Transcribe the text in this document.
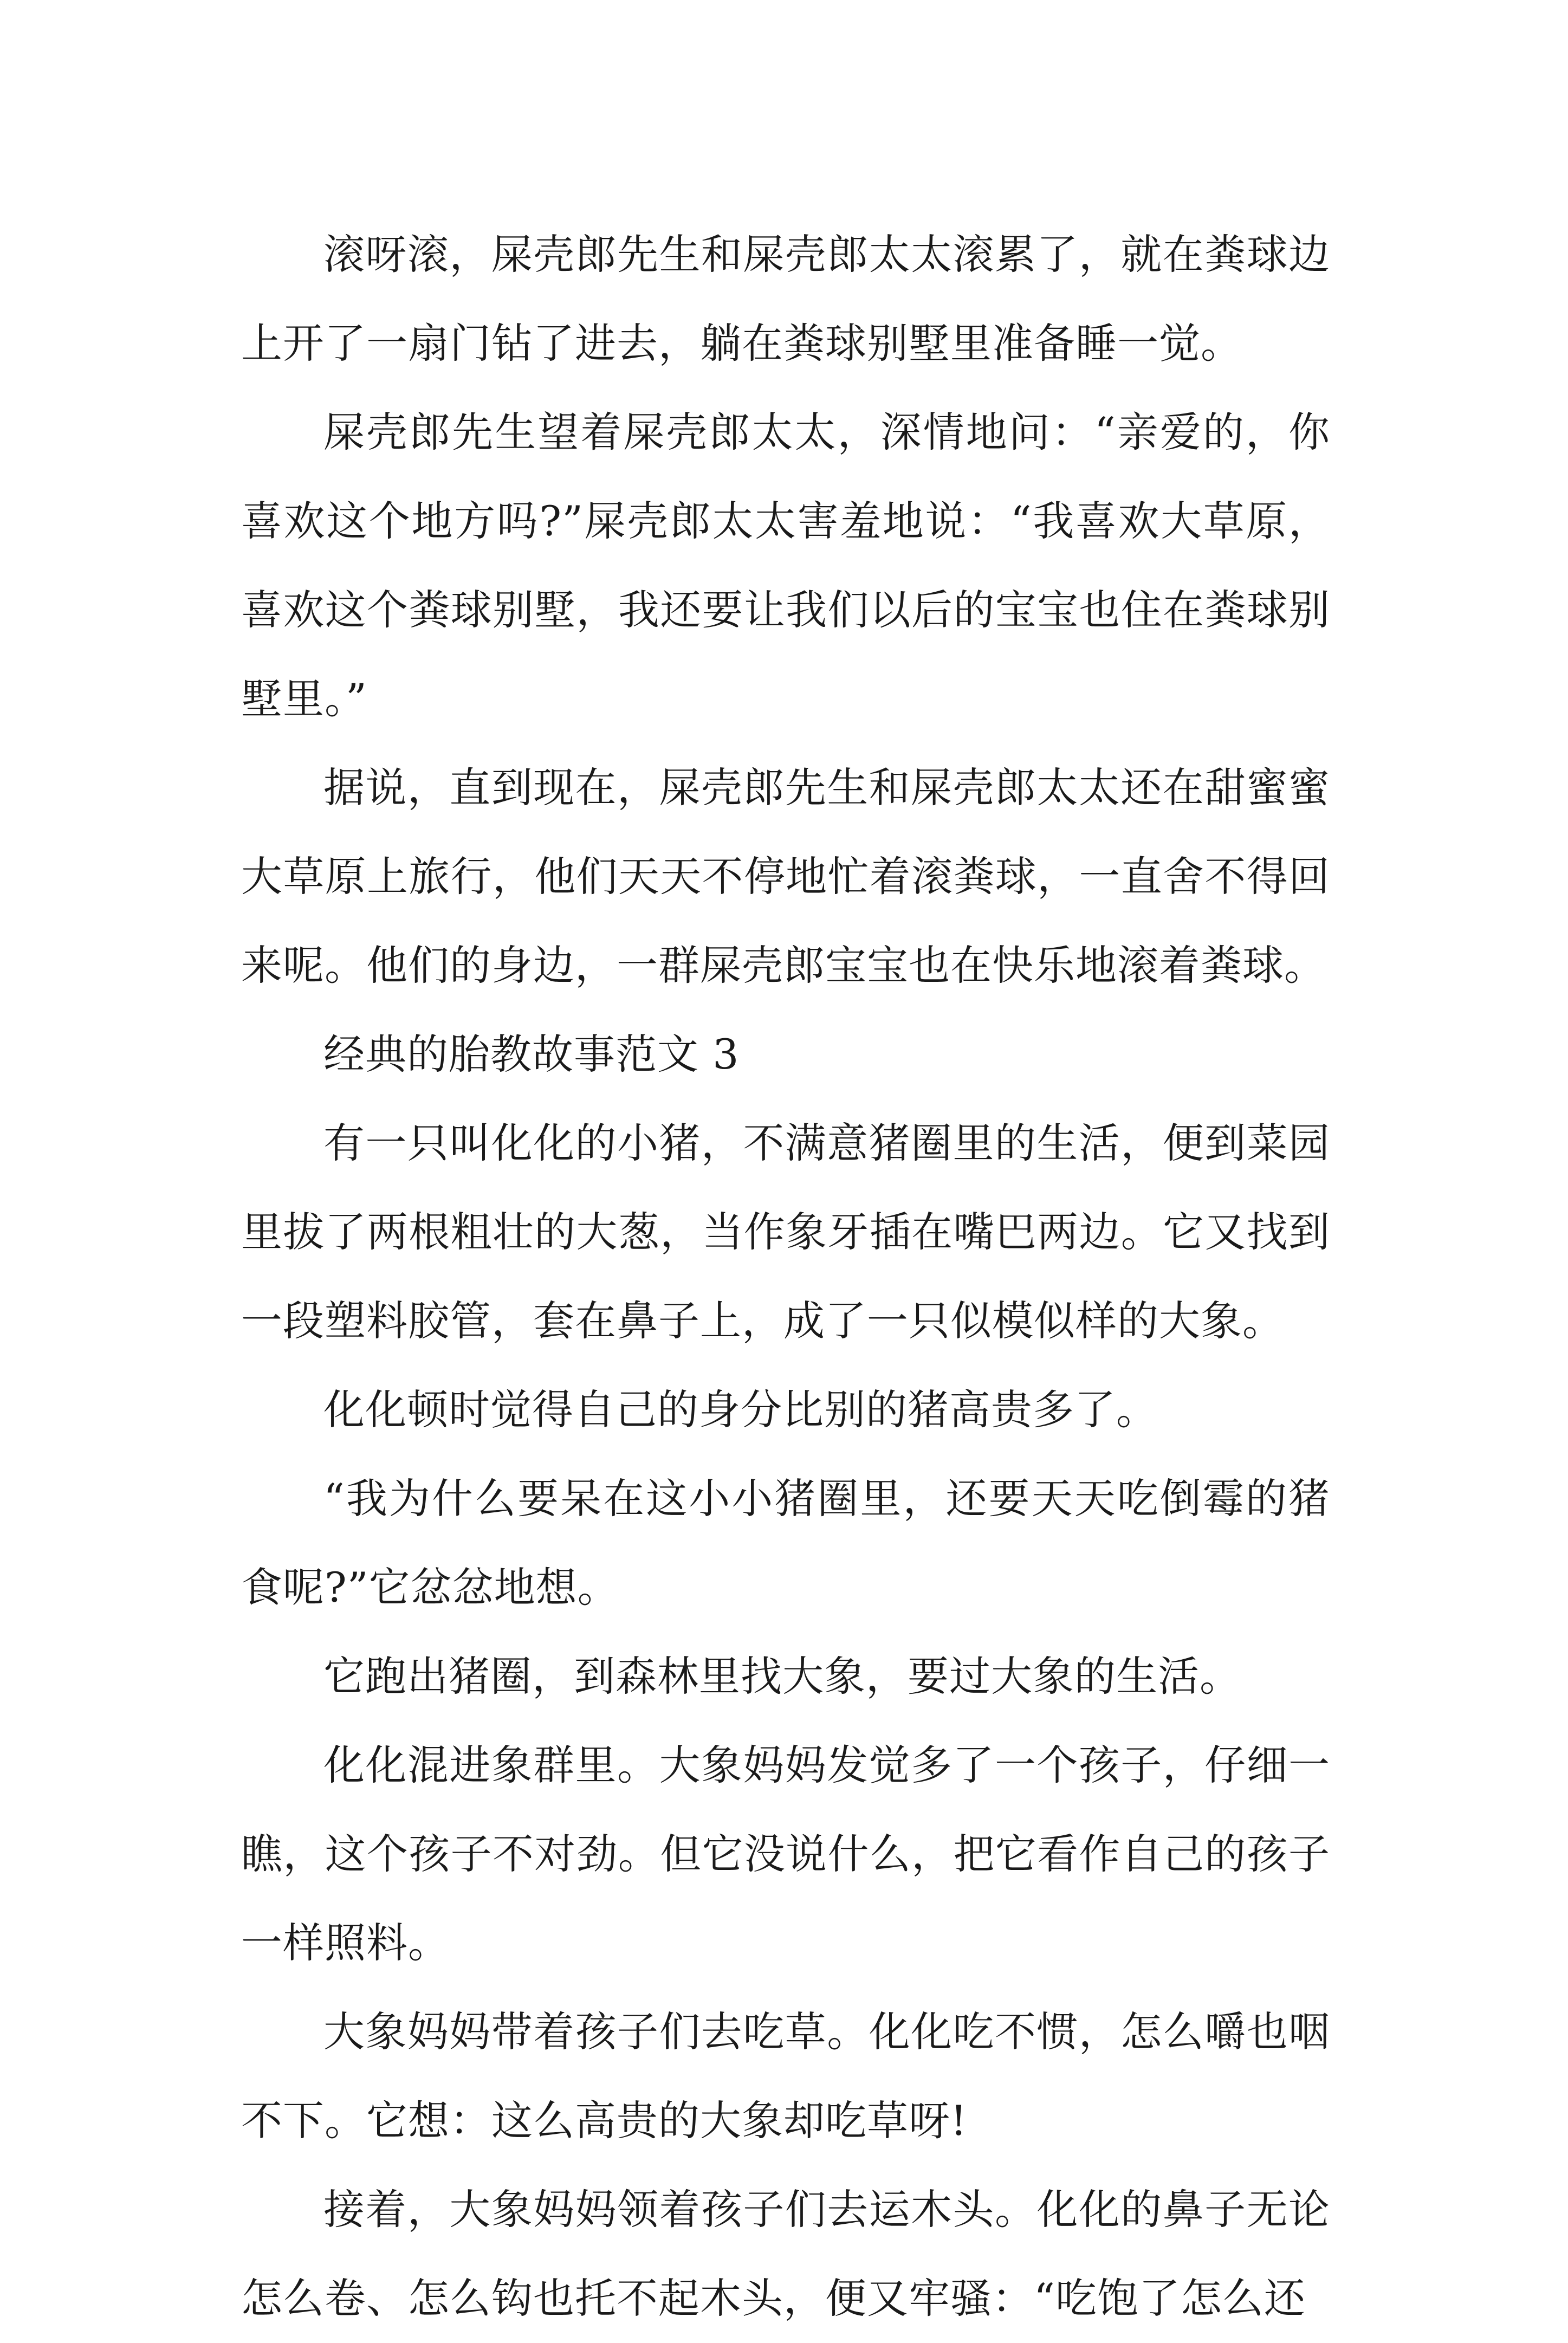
滚呀滚，屎壳郎先生和屎壳郎太太滚累了，就在粪球边上开了一扇门钻了进去，躺在粪球别墅里准备睡一觉。

屎壳郎先生望着屎壳郎太太，深情地问：“亲爱的，你喜欢这个地方吗?”屎壳郎太太害羞地说：“我喜欢大草原，喜欢这个粪球别墅，我还要让我们以后的宝宝也住在粪球别墅里。”

据说，直到现在，屎壳郎先生和屎壳郎太太还在甜蜜蜜大草原上旅行，他们天天不停地忙着滚粪球，一直舍不得回来呢。他们的身边，一群屎壳郎宝宝也在快乐地滚着粪球。

经典的胎教故事范文 3

有一只叫化化的小猪，不满意猪圈里的生活，便到菜园里拔了两根粗壮的大葱，当作象牙插在嘴巴两边。它又找到一段塑料胶管，套在鼻子上，成了一只似模似样的大象。

化化顿时觉得自己的身分比别的猪高贵多了。

“我为什么要呆在这小小猪圈里，还要天天吃倒霉的猪食呢?”它忿忿地想。

它跑出猪圈，到森林里找大象，要过大象的生活。

化化混进象群里。大象妈妈发觉多了一个孩子，仔细一瞧，这个孩子不对劲。但它没说什么，把它看作自己的孩子一样照料。

大象妈妈带着孩子们去吃草。化化吃不惯，怎么嚼也咽不下。它想：这么高贵的大象却吃草呀!

接着，大象妈妈领着孩子们去运木头。化化的鼻子无论怎么卷、怎么钩也托不起木头，便又牢骚：“吃饱了怎么还
